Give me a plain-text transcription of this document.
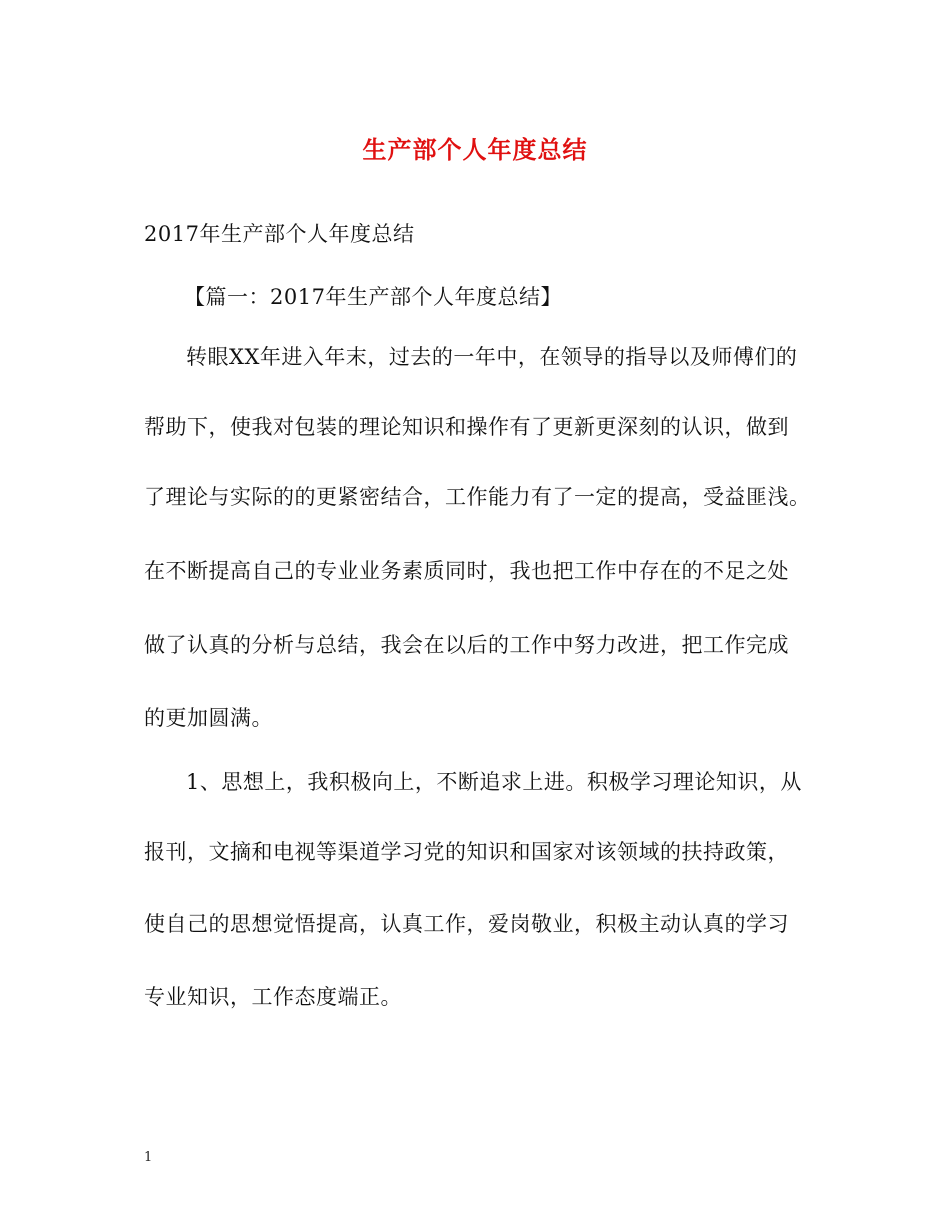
生产部个人年度总结
2017年生产部个人年度总结
【篇一：2017年生产部个人年度总结】
转眼XX年进入年末，过去的一年中，在领导的指导以及师傅们的
帮助下，使我对包装的理论知识和操作有了更新更深刻的认识，做到
了理论与实际的的更紧密结合，工作能力有了一定的提高，受益匪浅。
在不断提高自己的专业业务素质同时，我也把工作中存在的不足之处
做了认真的分析与总结，我会在以后的工作中努力改进，把工作完成
的更加圆满。
1、思想上，我积极向上，不断追求上进。积极学习理论知识，从
报刊，文摘和电视等渠道学习党的知识和国家对该领域的扶持政策，
使自己的思想觉悟提高，认真工作，爱岗敬业，积极主动认真的学习
专业知识，工作态度端正。
1
